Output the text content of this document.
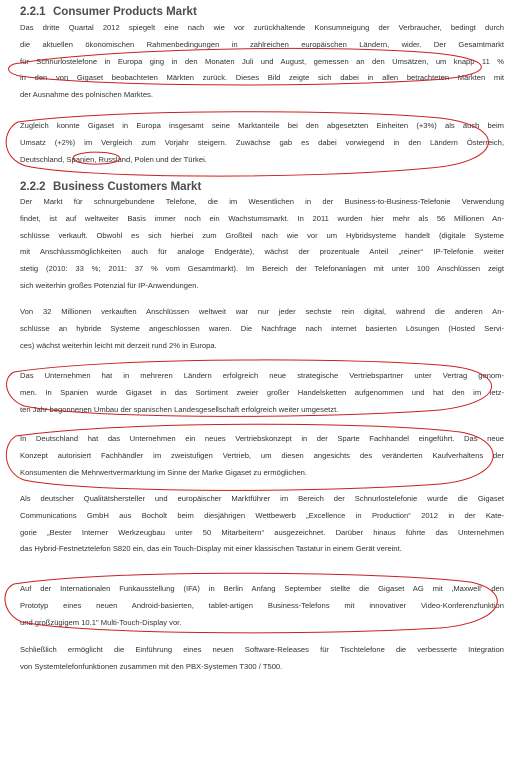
2.2.1 Consumer Products Markt
Das dritte Quartal 2012 spiegelt eine nach wie vor zurückhaltende Konsumneigung der Verbraucher, bedingt durch
die aktuellen ökonomischen Rahmenbedingungen in zahlreichen europäischen Ländern, wider. Der Gesamtmarkt
für Schnurlostelefone in Europa ging in den Monaten Juli und August, gemessen an den Umsätzen, um knapp 11 %
in den von Gigaset beobachteten Märkten zurück. Dieses Bild zeigte sich dabei in allen betrachteten Märkten mit
der Ausnahme des polnischen Marktes.
Zugleich konnte Gigaset in Europa insgesamt seine Marktanteile bei den abgesetzten Einheiten (+3%) als auch beim
Umsatz (+2%) im Vergleich zum Vorjahr steigern. Zuwächse gab es dabei vorwiegend in den Ländern Österreich,
Deutschland, Spanien, Russland, Polen und der Türkei.
2.2.2 Business Customers Markt
Der Markt für schnurgebundene Telefone, die im Wesentlichen in der Business-to-Business-Telefonie Verwendung
findet, ist auf weltweiter Basis immer noch ein Wachstumsmarkt. In 2011 wurden hier mehr als 56 Millionen An-
schlüsse verkauft. Obwohl es sich hierbei zum Großteil nach wie vor um Hybridsysteme handelt (digitale Systeme
mit Anschlussmöglichkeiten auch für analoge Endgeräte), wächst der prozentuale Anteil „reiner“ IP-Telefonie weiter
stetig (2010: 33 %; 2011: 37 % vom Gesamtmarkt). Im Bereich der Telefonanlagen mit unter 100 Anschlüssen zeigt
sich weiterhin großes Potenzial für IP-Anwendungen.
Von 32 Millionen verkauften Anschlüssen weltweit war nur jeder sechste rein digital, während die anderen An-
schlüsse an hybride Systeme angeschlossen waren. Die Nachfrage nach internet basierten Lösungen (Hosted Servi-
ces) wächst weiterhin leicht mit derzeit rund 2% in Europa.
Das Unternehmen hat in mehreren Ländern erfolgreich neue strategische Vertriebspartner unter Vertrag genom-
men. In Spanien wurde Gigaset in das Sortiment zweier großer Handelsketten aufgenommen und hat den im letz-
ten Jahr begonnenen Umbau der spanischen Landesgesellschaft erfolgreich weiter umgesetzt.
In Deutschland hat das Unternehmen ein neues Vertriebskonzept in der Sparte Fachhandel eingeführt. Das neue
Konzept autorisiert Fachhändler im zweistufigen Vertrieb, um diesen angesichts des veränderten Kaufverhaltens der
Konsumenten die Mehrwertvermarktung im Sinne der Marke Gigaset zu ermöglichen.
Als deutscher Qualitätshersteller und europäischer Marktführer im Bereich der Schnurlostelefonie wurde die Gigaset
Communications GmbH aus Bocholt beim diesjährigen Wettbewerb „Excellence in Production“ 2012 in der Kate-
gorie „Bester Interner Werkzeugbau unter 50 Mitarbeitern“ ausgezeichnet. Darüber hinaus führte das Unternehmen
das Hybrid-Festnetztelefon S820 ein, das ein Touch-Display mit einer klassischen Tastatur in einem Gerät vereint.
Auf der Internationalen Funkausstellung (IFA) in Berlin Anfang September stellte die Gigaset AG mit ‚Maxwell‘ den
Prototyp eines neuen Android-basierten, tablet-artigen Business-Telefons mit innovativer Video-Konferenzfunktion
und großzügigem 10.1" Multi-Touch-Display vor.
Schließlich ermöglicht die Einführung eines neuen Software-Releases für Tischtelefone die verbesserte Integration
von Systemtelefonfunktionen zusammen mit den PBX-Systemen T300 / T500.
